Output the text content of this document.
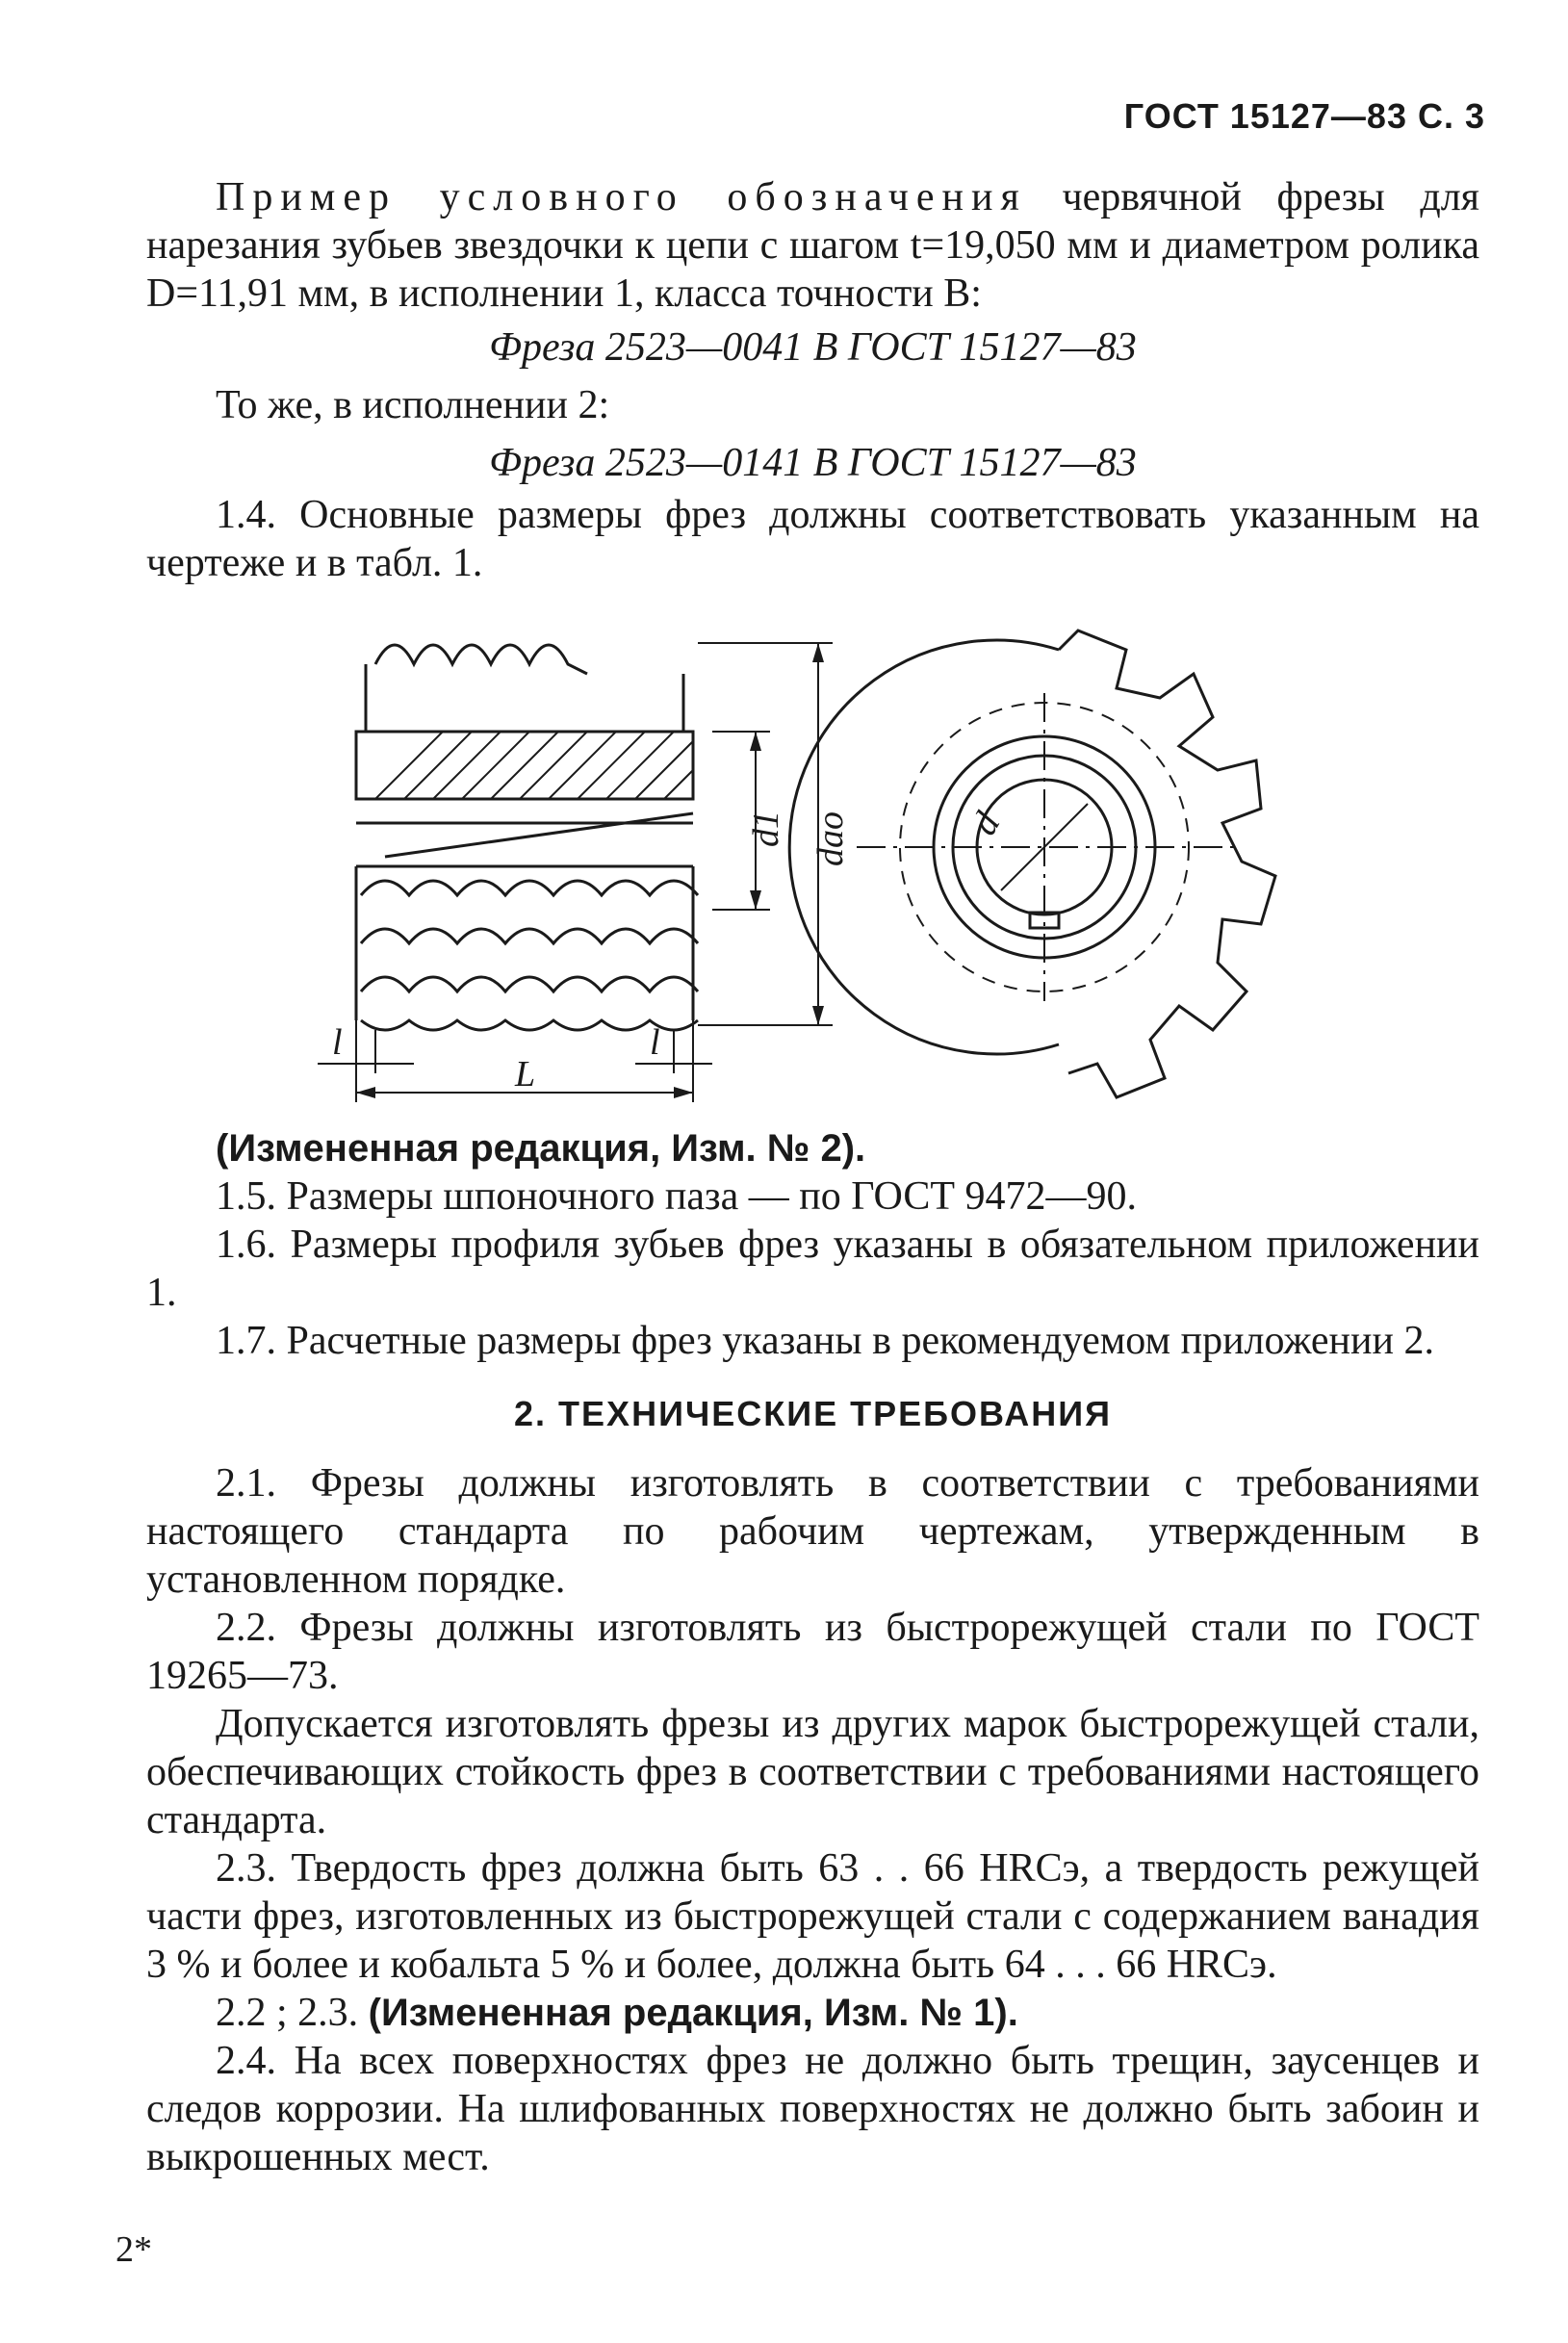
ГОСТ 15127—83 С. 3

Пример условного обозначения червячной фрезы для нарезания зубьев звездочки к цепи с шагом t=19,050 мм и диаметром ролика D=11,91 мм, в исполнении 1, класса точности В:

Фреза 2523—0041 В ГОСТ 15127—83

То же, в исполнении 2:

Фреза 2523—0141 В ГОСТ 15127—83

1.4. Основные размеры фрез должны соответствовать указанным на чертеже и в табл. 1.

d1 dao	d
l	l
L

(Измененная редакция, Изм. № 2).

1.5. Размеры шпоночного паза — по ГОСТ 9472—90.

1.6. Размеры профиля зубьев фрез указаны в обязательном приложении 1.

1.7. Расчетные размеры фрез указаны в рекомендуемом приложении 2.

2. ТЕХНИЧЕСКИЕ ТРЕБОВАНИЯ

2.1. Фрезы должны изготовлять в соответствии с требованиями настоящего стандарта по рабочим чертежам, утвержденным в установленном порядке.

2.2. Фрезы должны изготовлять из быстрорежущей стали по ГОСТ 19265—73.

Допускается изготовлять фрезы из других марок быстрорежущей стали, обеспечивающих стойкость фрез в соответствии с требованиями настоящего стандарта.

2.3. Твердость фрез должна быть 63 . . 66 HRCэ, а твердость режущей части фрез, изготовленных из быстрорежущей стали с содержанием ванадия 3 % и более и кобальта 5 % и более, должна быть 64 . . . 66 HRCэ.

2.2 ; 2.3. (Измененная редакция, Изм. № 1).

2.4. На всех поверхностях фрез не должно быть трещин, заусенцев и следов коррозии. На шлифованных поверхностях не должно быть забоин и выкрошенных мест.

2*
